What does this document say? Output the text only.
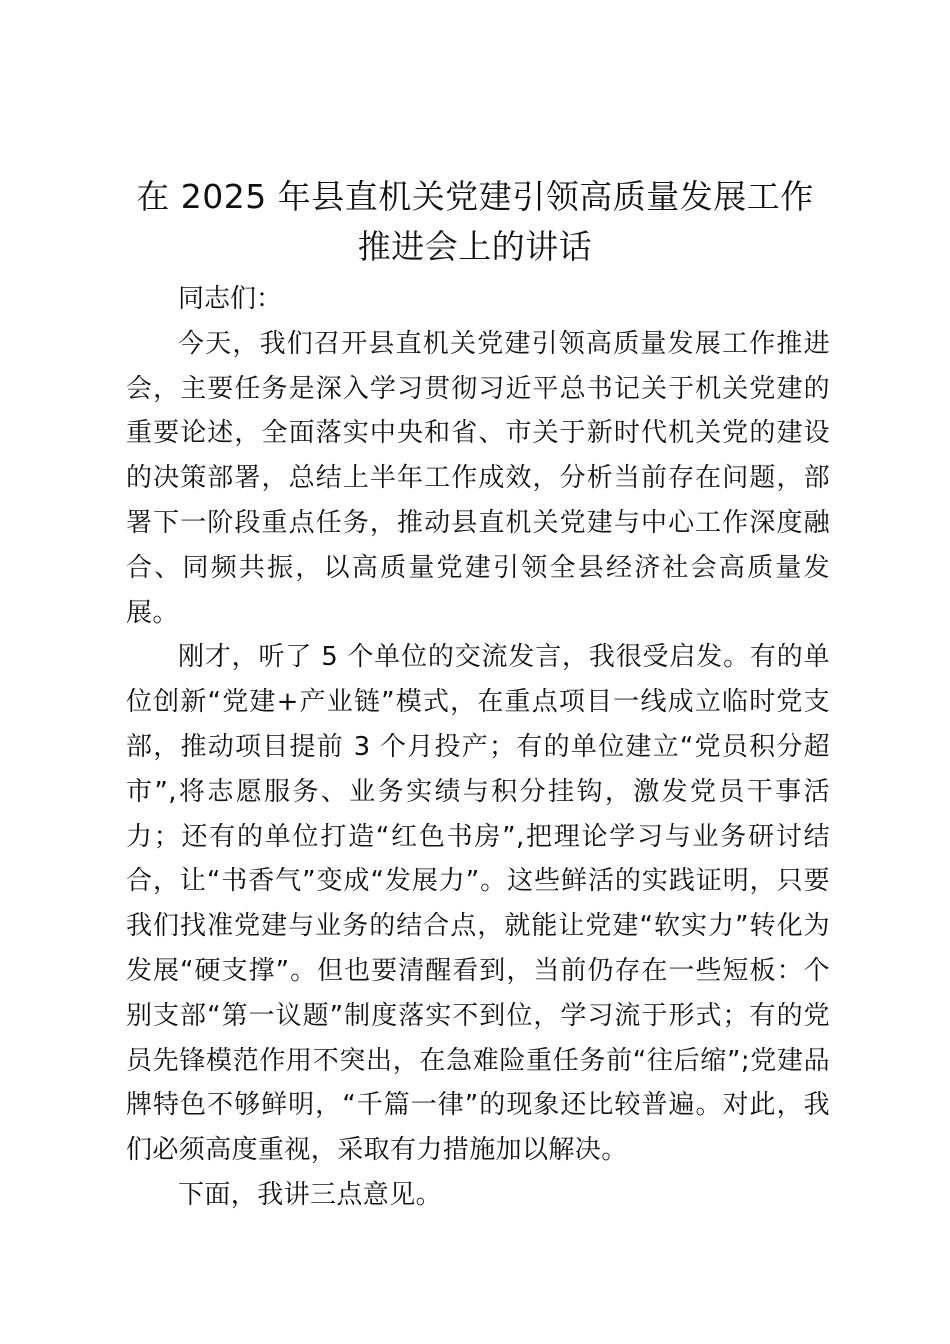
在 2025 年县直机关党建引领高质量发展工作
推进会上的讲话

同志们：

今天，我们召开县直机关党建引领高质量发展工作推进会，主要任务是深入学习贯彻习近平总书记关于机关党建的重要论述，全面落实中央和省、市关于新时代机关党的建设的决策部署，总结上半年工作成效，分析当前存在问题，部署下一阶段重点任务，推动县直机关党建与中心工作深度融合、同频共振，以高质量党建引领全县经济社会高质量发展。

刚才，听了 5 个单位的交流发言，我很受启发。有的单位创新“党建+产业链”模式，在重点项目一线成立临时党支部，推动项目提前 3 个月投产；有的单位建立“党员积分超市”,将志愿服务、业务实绩与积分挂钩，激发党员干事活力；还有的单位打造“红色书房”,把理论学习与业务研讨结合，让“书香气”变成“发展力”。这些鲜活的实践证明，只要我们找准党建与业务的结合点，就能让党建“软实力”转化为发展“硬支撑”。但也要清醒看到，当前仍存在一些短板：个别支部“第一议题”制度落实不到位，学习流于形式；有的党员先锋模范作用不突出，在急难险重任务前“往后缩”;党建品牌特色不够鲜明，“千篇一律”的现象还比较普遍。对此，我们必须高度重视，采取有力措施加以解决。

下面，我讲三点意见。
